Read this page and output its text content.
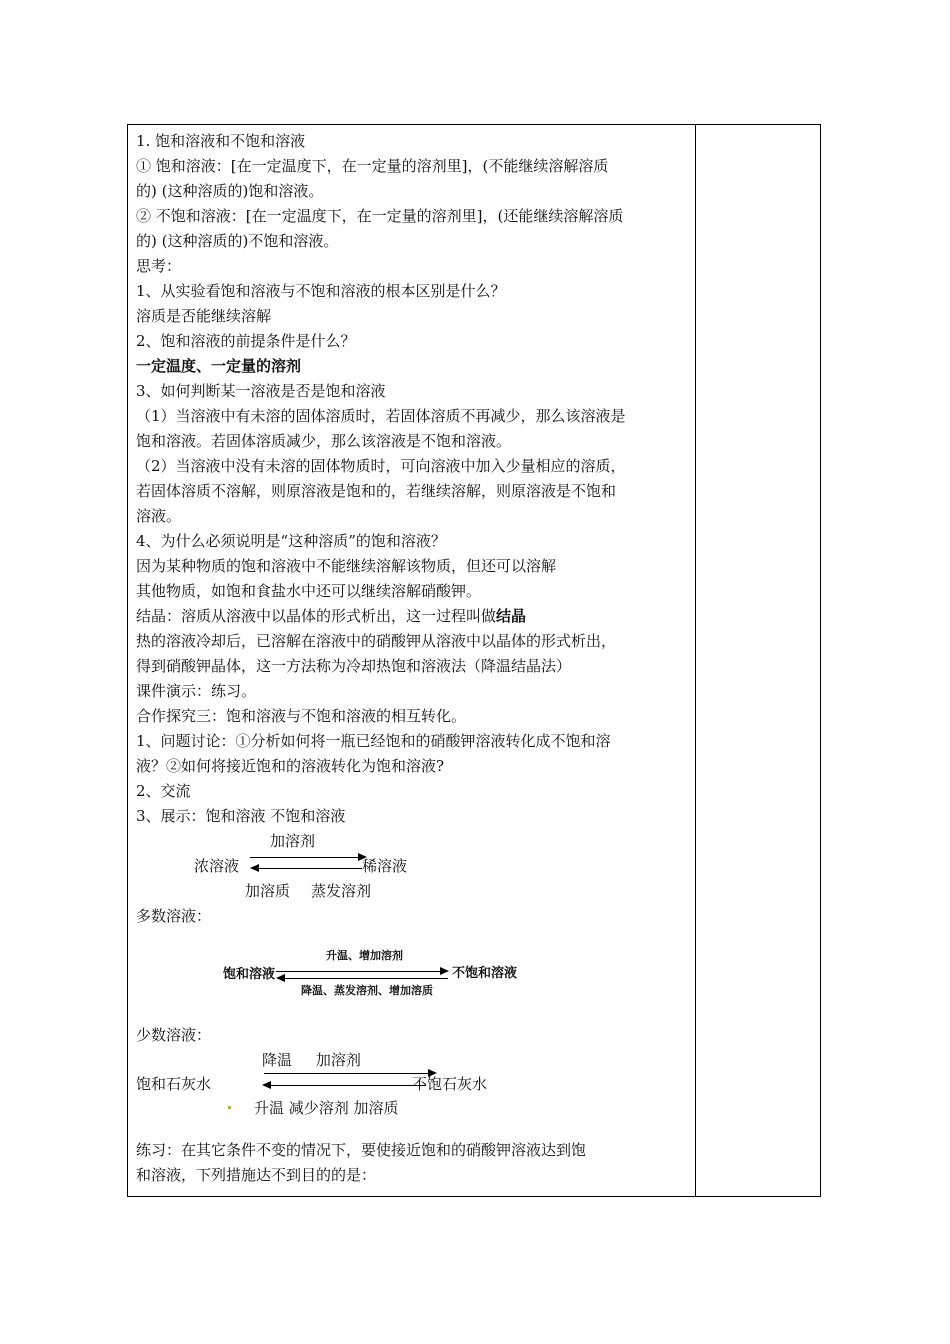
1. 饱和溶液和不饱和溶液
① 饱和溶液：[在一定温度下，在一定量的溶剂里]，(不能继续溶解溶质
的) (这种溶质的)饱和溶液。
② 不饱和溶液：[在一定温度下，在一定量的溶剂里]，(还能继续溶解溶质
的) (这种溶质的)不饱和溶液。
思考：
1、从实验看饱和溶液与不饱和溶液的根本区别是什么？
溶质是否能继续溶解
2、饱和溶液的前提条件是什么？
一定温度、一定量的溶剂
3、如何判断某一溶液是否是饱和溶液
（1）当溶液中有未溶的固体溶质时，若固体溶质不再减少，那么该溶液是
饱和溶液。若固体溶质减少，那么该溶液是不饱和溶液。
（2）当溶液中没有未溶的固体物质时，可向溶液中加入少量相应的溶质，
若固体溶质不溶解，则原溶液是饱和的，若继续溶解，则原溶液是不饱和
溶液。
4、为什么必须说明是“这种溶质”的饱和溶液？
因为某种物质的饱和溶液中不能继续溶解该物质，但还可以溶解
其他物质，如饱和食盐水中还可以继续溶解硝酸钾。
结晶：溶质从溶液中以晶体的形式析出，这一过程叫做结晶
热的溶液冷却后，已溶解在溶液中的硝酸钾从溶液中以晶体的形式析出，
得到硝酸钾晶体，这一方法称为冷却热饱和溶液法（降温结晶法）
课件演示：练习。
合作探究三：饱和溶液与不饱和溶液的相互转化。
1、问题讨论：①分析如何将一瓶已经饱和的硝酸钾溶液转化成不饱和溶
液？②如何将接近饱和的溶液转化为饱和溶液?
2、交流
3、展示：饱和溶液 不饱和溶液
加溶剂
浓溶液	稀溶液
加溶质 蒸发溶剂
多数溶液：
升温、增加溶剂
饱和溶液	不饱和溶液
降温、蒸发溶剂、增加溶质
少数溶液：
降温     加溶剂
饱和石灰水	不饱石灰水
升温 减少溶剂 加溶质
练习：在其它条件不变的情况下，要使接近饱和的硝酸钾溶液达到饱
和溶液，下列措施达不到目的的是：
